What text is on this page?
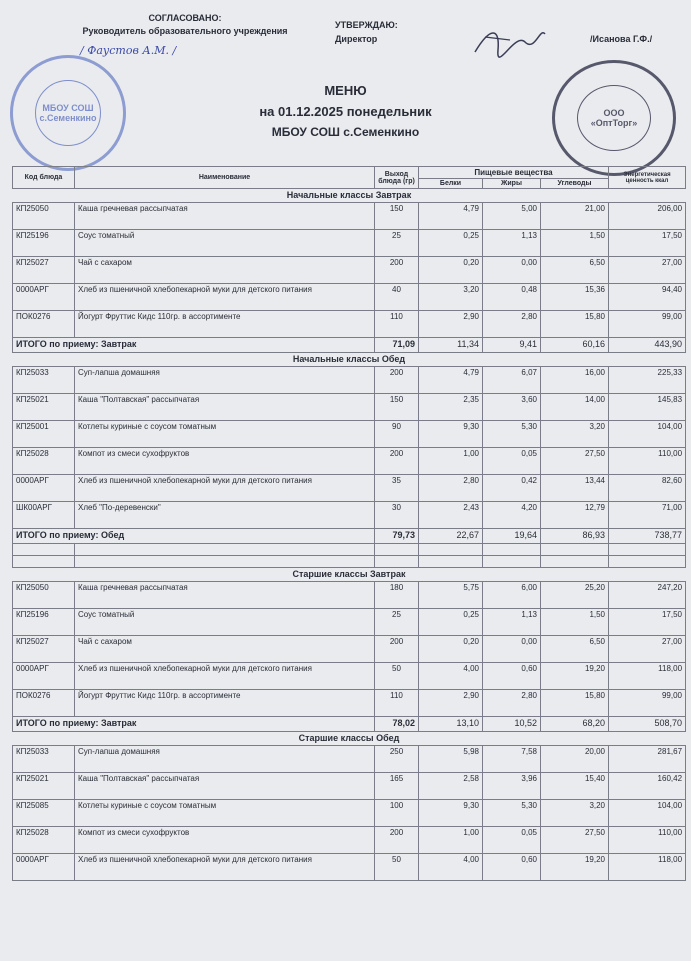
СОГЛАСОВАНО:
Руководитель образовательного учреждения
/ Фаустов А.М. /
УТВЕРЖДАЮ:
Директор	/Исанова Г.Ф./
МБОУ СОШ с.Семенкино	ООО
«ОптТорг»
МЕНЮ
на 01.12.2025 понедельник
МБОУ СОШ с.Семенкино
Код блюда	Наименование	Выход блюда (гр)	Пищевые вещества			Энергетическая ценность ккал
			Белки	Жиры	Углеводы	
Начальные классы Завтрак						
КП25050	Каша гречневая рассыпчатая	150	4,79	5,00	21,00	206,00
КП25196	Соус томатный	25	0,25	1,13	1,50	17,50
КП25027	Чай с сахаром	200	0,20	0,00	6,50	27,00
0000АРГ	Хлеб из пшеничной хлебопекарной муки для детского питания	40	3,20	0,48	15,36	94,40
ПОК0276	Йогурт Фруттис Кидс 110гр. в ассортименте	110	2,90	2,80	15,80	99,00
ИТОГО по приему: Завтрак		71,09	11,34	9,41	60,16	443,90
Начальные классы Обед						
КП25033	Суп-лапша домашняя	200	4,79	6,07	16,00	225,33
КП25021	Каша "Полтавская" рассыпчатая	150	2,35	3,60	14,00	145,83
КП25001	Котлеты куриные с соусом томатным	90	9,30	5,30	3,20	104,00
КП25028	Компот из смеси сухофруктов	200	1,00	0,05	27,50	110,00
0000АРГ	Хлеб из пшеничной хлебопекарной муки для детского питания	35	2,80	0,42	13,44	82,60
ШК00АРГ	Хлеб "По-деревенски"	30	2,43	4,20	12,79	71,00
ИТОГО по приему: Обед		79,73	22,67	19,64	86,93	738,77

Старшие классы Завтрак						
КП25050	Каша гречневая рассыпчатая	180	5,75	6,00	25,20	247,20
КП25196	Соус томатный	25	0,25	1,13	1,50	17,50
КП25027	Чай с сахаром	200	0,20	0,00	6,50	27,00
0000АРГ	Хлеб из пшеничной хлебопекарной муки для детского питания	50	4,00	0,60	19,20	118,00
ПОК0276	Йогурт Фруттис Кидс 110гр. в ассортименте	110	2,90	2,80	15,80	99,00
ИТОГО по приему: Завтрак		78,02	13,10	10,52	68,20	508,70
Старшие классы Обед						
КП25033	Суп-лапша домашняя	250	5,98	7,58	20,00	281,67
КП25021	Каша "Полтавская" рассыпчатая	165	2,58	3,96	15,40	160,42
КП25085	Котлеты куриные с соусом томатным	100	9,30	5,30	3,20	104,00
КП25028	Компот из смеси сухофруктов	200	1,00	0,05	27,50	110,00
0000АРГ	Хлеб из пшеничной хлебопекарной муки для детского питания	50	4,00	0,60	19,20	118,00
